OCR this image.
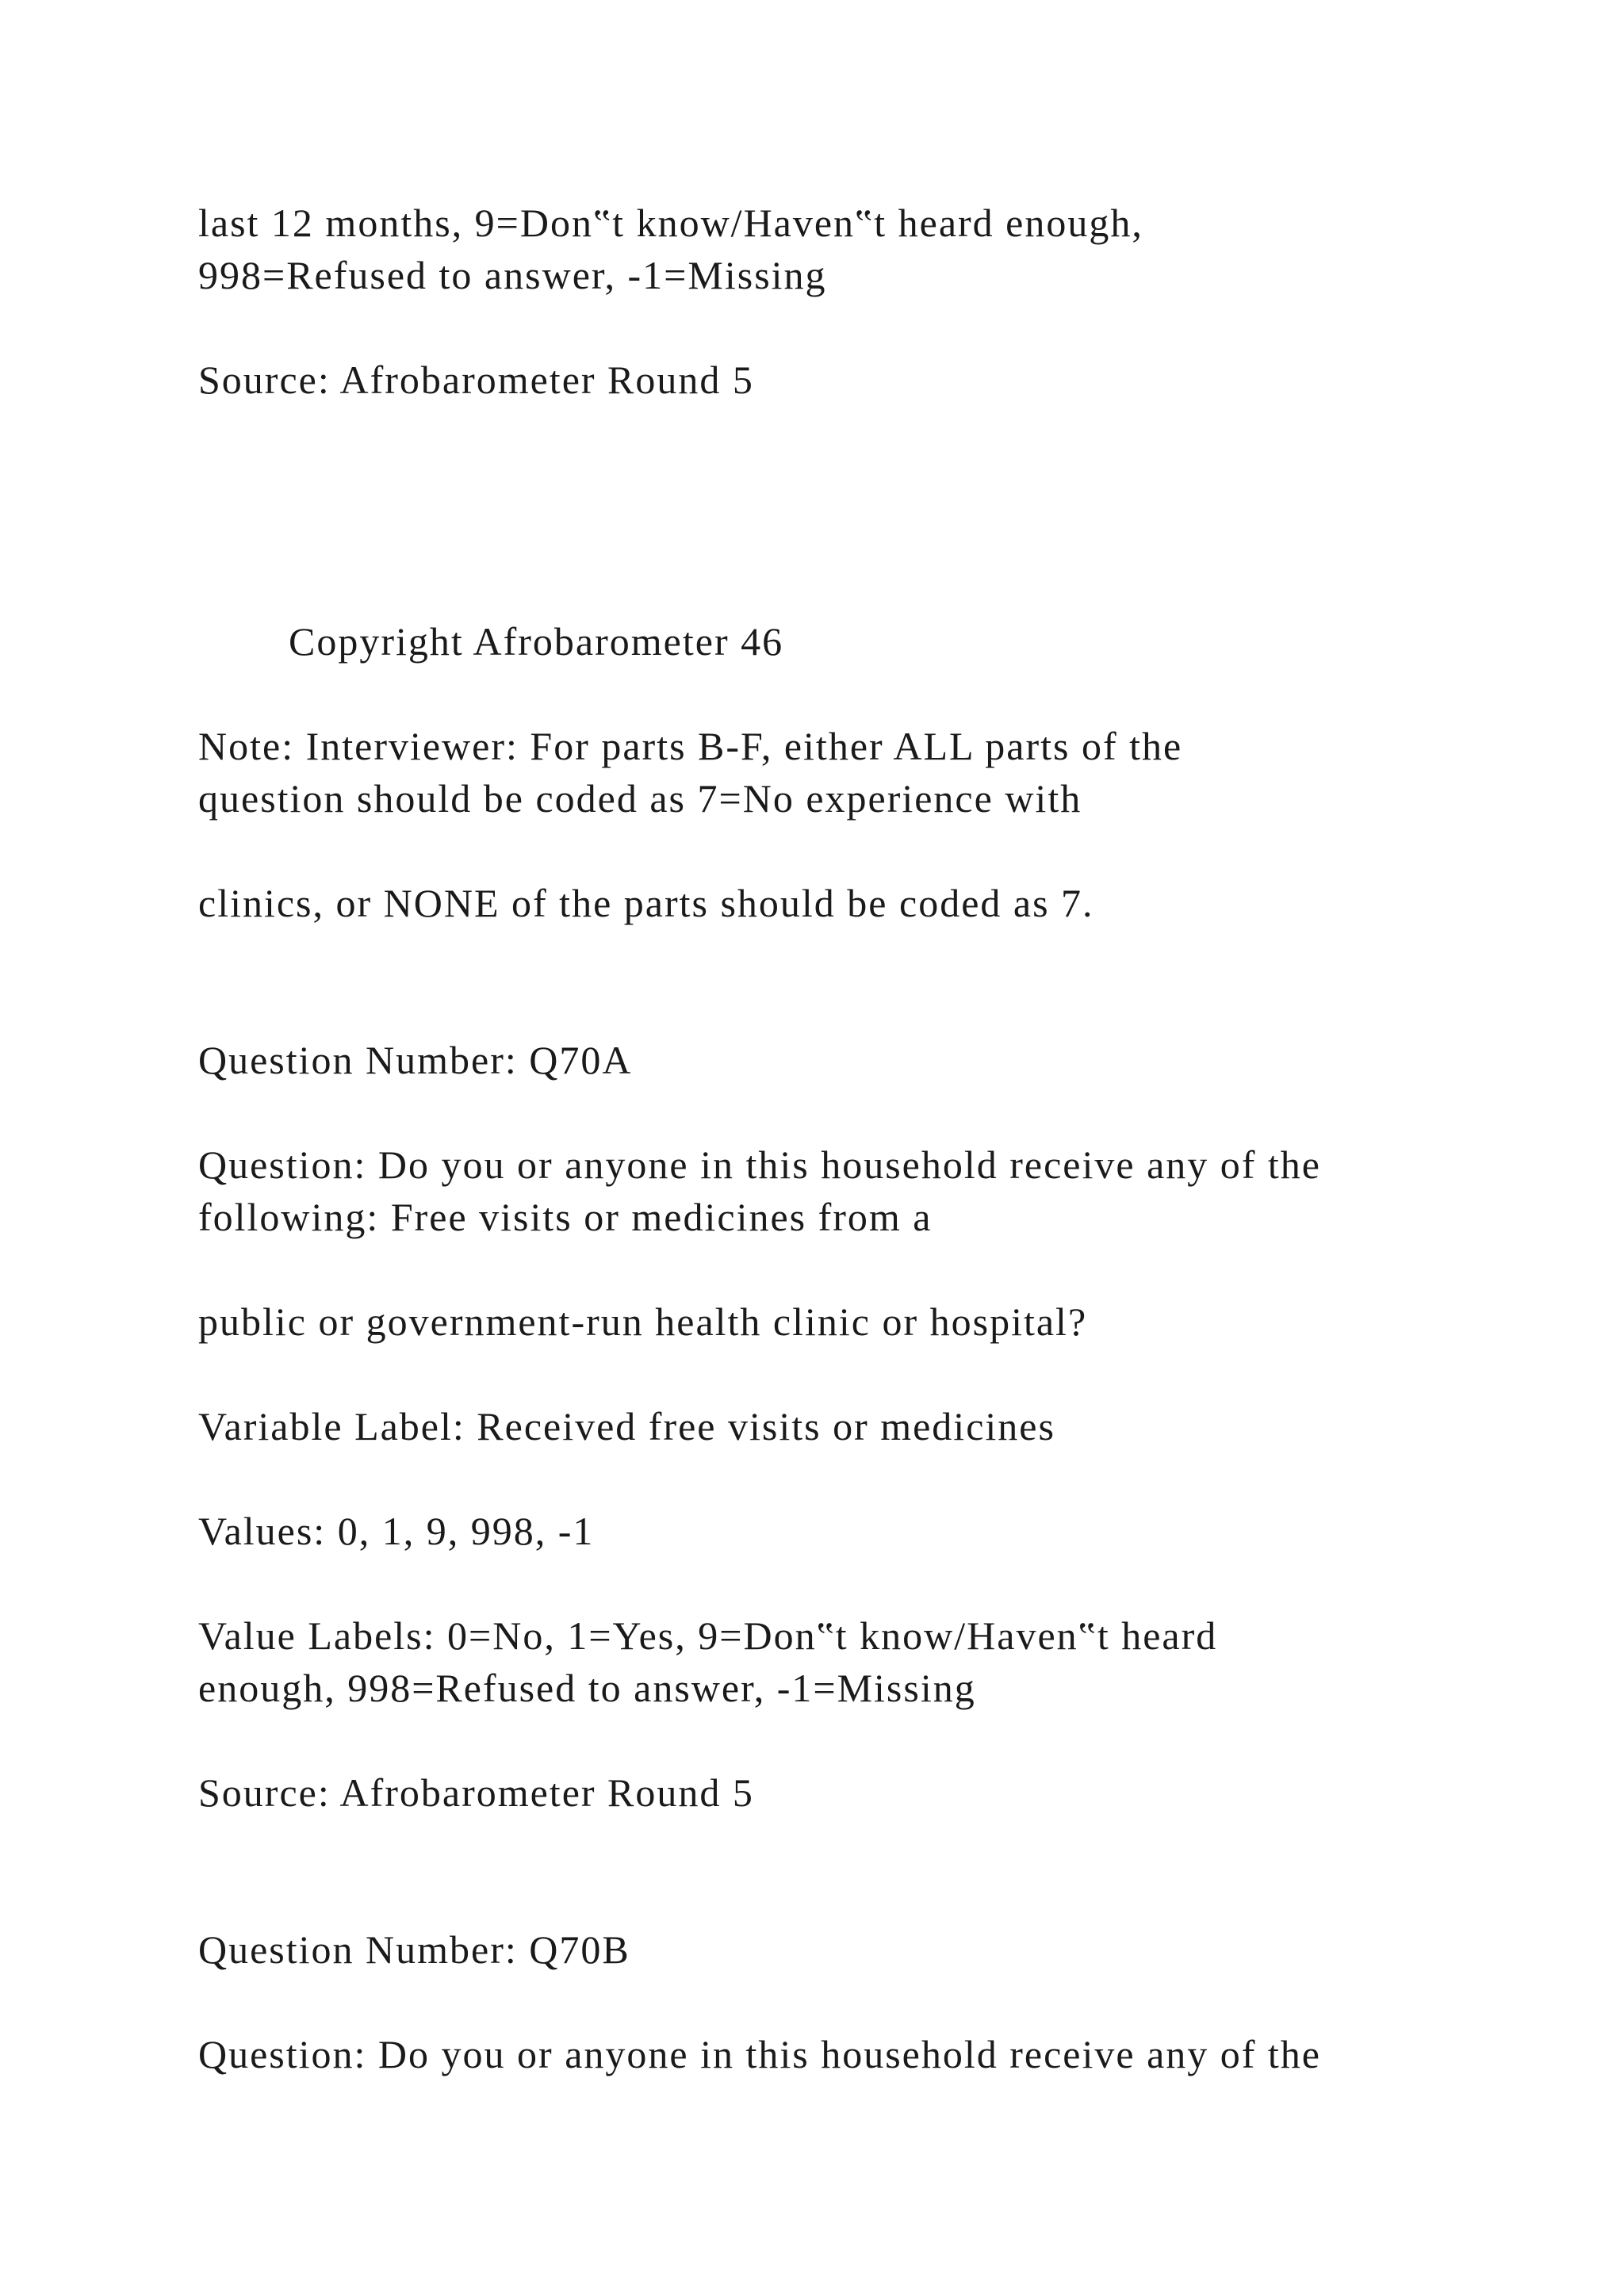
last 12 months, 9=Don‟t know/Haven‟t heard enough,

998=Refused to answer, -1=Missing

Source: Afrobarometer Round 5

Copyright Afrobarometer 46

Note: Interviewer: For parts B-F, either ALL parts of the

question should be coded as 7=No experience with

clinics, or NONE of the parts should be coded as 7.

Question Number: Q70A

Question: Do you or anyone in this household receive any of the

following: Free visits or medicines from a

public or government-run health clinic or hospital?

Variable Label: Received free visits or medicines

Values: 0, 1, 9, 998, -1

Value Labels: 0=No, 1=Yes, 9=Don‟t know/Haven‟t heard

enough, 998=Refused to answer, -1=Missing

Source: Afrobarometer Round 5

Question Number: Q70B

Question: Do you or anyone in this household receive any of the
